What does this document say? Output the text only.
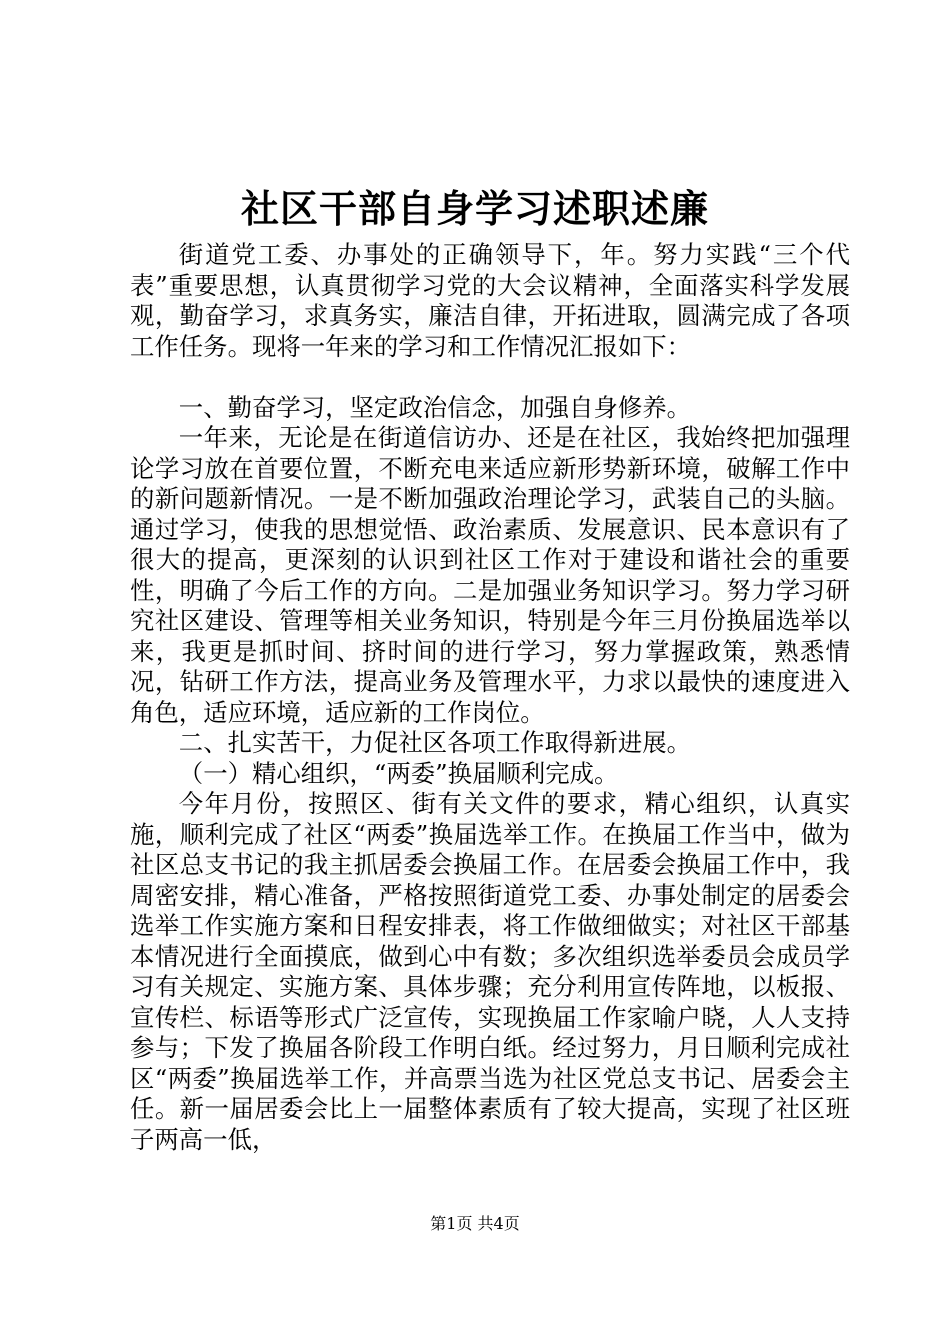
社区干部自身学习述职述廉

街道党工委、办事处的正确领导下，年。努力实践“三个代表”重要思想，认真贯彻学习党的大会议精神，全面落实科学发展观，勤奋学习，求真务实，廉洁自律，开拓进取，圆满完成了各项工作任务。现将一年来的学习和工作情况汇报如下：

一、勤奋学习，坚定政治信念，加强自身修养。

一年来，无论是在街道信访办、还是在社区，我始终把加强理论学习放在首要位置，不断充电来适应新形势新环境，破解工作中的新问题新情况。一是不断加强政治理论学习，武装自己的头脑。通过学习，使我的思想觉悟、政治素质、发展意识、民本意识有了很大的提高，更深刻的认识到社区工作对于建设和谐社会的重要性，明确了今后工作的方向。二是加强业务知识学习。努力学习研究社区建设、管理等相关业务知识，特别是今年三月份换届选举以来，我更是抓时间、挤时间的进行学习，努力掌握政策，熟悉情况，钻研工作方法，提高业务及管理水平，力求以最快的速度进入角色，适应环境，适应新的工作岗位。

二、扎实苦干，力促社区各项工作取得新进展。

（一）精心组织，“两委”换届顺利完成。

今年月份，按照区、街有关文件的要求，精心组织，认真实施，顺利完成了社区“两委”换届选举工作。在换届工作当中，做为社区总支书记的我主抓居委会换届工作。在居委会换届工作中，我周密安排，精心准备，严格按照街道党工委、办事处制定的居委会选举工作实施方案和日程安排表，将工作做细做实；对社区干部基本情况进行全面摸底，做到心中有数；多次组织选举委员会成员学习有关规定、实施方案、具体步骤；充分利用宣传阵地，以板报、宣传栏、标语等形式广泛宣传，实现换届工作家喻户晓，人人支持参与；下发了换届各阶段工作明白纸。经过努力，月日顺利完成社区“两委”换届选举工作，并高票当选为社区党总支书记、居委会主任。新一届居委会比上一届整体素质有了较大提高，实现了社区班子两高一低，

第1页 共4页
